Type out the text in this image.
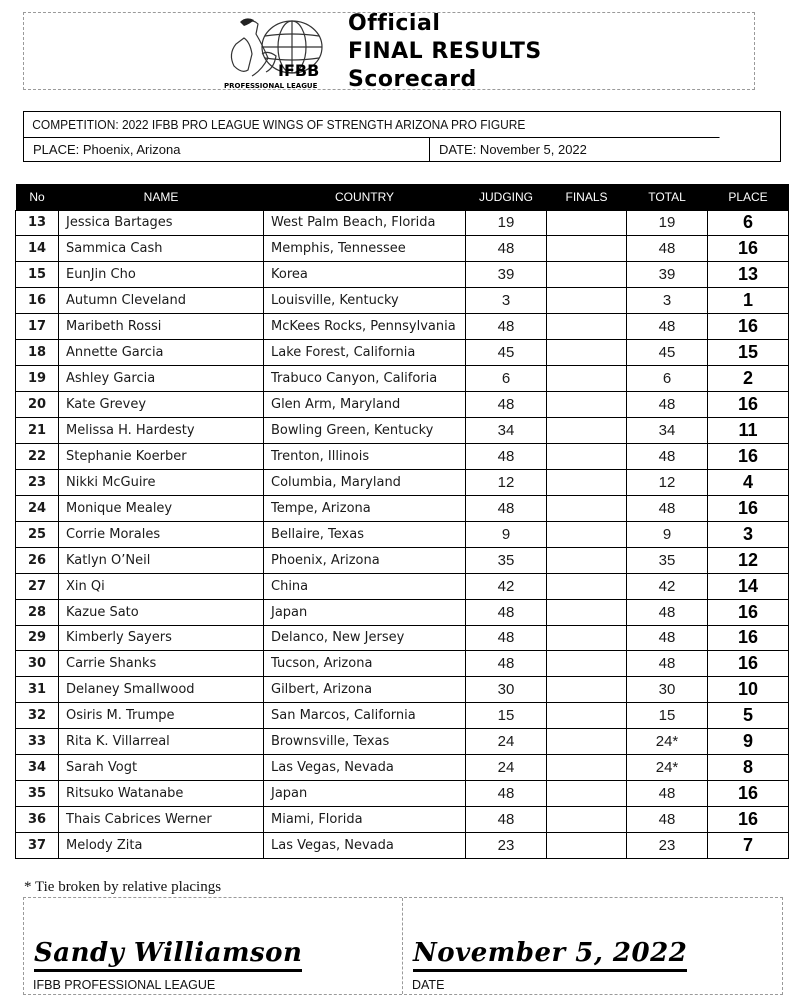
IFBB
PROFESSIONAL LEAGUE
Official
FINAL RESULTS
Scorecard
COMPETITION: 2022 IFBB PRO LEAGUE WINGS OF STRENGTH ARIZONA PRO FIGURE
PLACE: Phoenix, Arizona	DATE: November 5, 2022
No	NAME	COUNTRY	JUDGING	FINALS	TOTAL	PLACE
13	Jessica Bartages	West Palm Beach, Florida	19		19	6
14	Sammica Cash	Memphis, Tennessee	48		48	16
15	EunJin Cho	Korea	39		39	13
16	Autumn Cleveland	Louisville, Kentucky	3		3	1
17	Maribeth Rossi	McKees Rocks, Pennsylvania	48		48	16
18	Annette Garcia	Lake Forest, California	45		45	15
19	Ashley Garcia	Trabuco Canyon, Califoria	6		6	2
20	Kate Grevey	Glen Arm, Maryland	48		48	16
21	Melissa H. Hardesty	Bowling Green, Kentucky	34		34	11
22	Stephanie Koerber	Trenton, Illinois	48		48	16
23	Nikki McGuire	Columbia, Maryland	12		12	4
24	Monique Mealey	Tempe, Arizona	48		48	16
25	Corrie Morales	Bellaire, Texas	9		9	3
26	Katlyn O’Neil	Phoenix, Arizona	35		35	12
27	Xin Qi	China	42		42	14
28	Kazue Sato	Japan	48		48	16
29	Kimberly Sayers	Delanco, New Jersey	48		48	16
30	Carrie Shanks	Tucson, Arizona	48		48	16
31	Delaney Smallwood	Gilbert, Arizona	30		30	10
32	Osiris M. Trumpe	San Marcos, California	15		15	5
33	Rita K. Villarreal	Brownsville, Texas	24		24*	9
34	Sarah Vogt	Las Vegas, Nevada	24		24*	8
35	Ritsuko Watanabe	Japan	48		48	16
36	Thais Cabrices Werner	Miami, Florida	48		48	16
37	Melody Zita	Las Vegas, Nevada	23		23	7
* Tie broken by relative placings
Sandy Williamson
IFBB PROFESSIONAL LEAGUE
November 5, 2022
DATE
